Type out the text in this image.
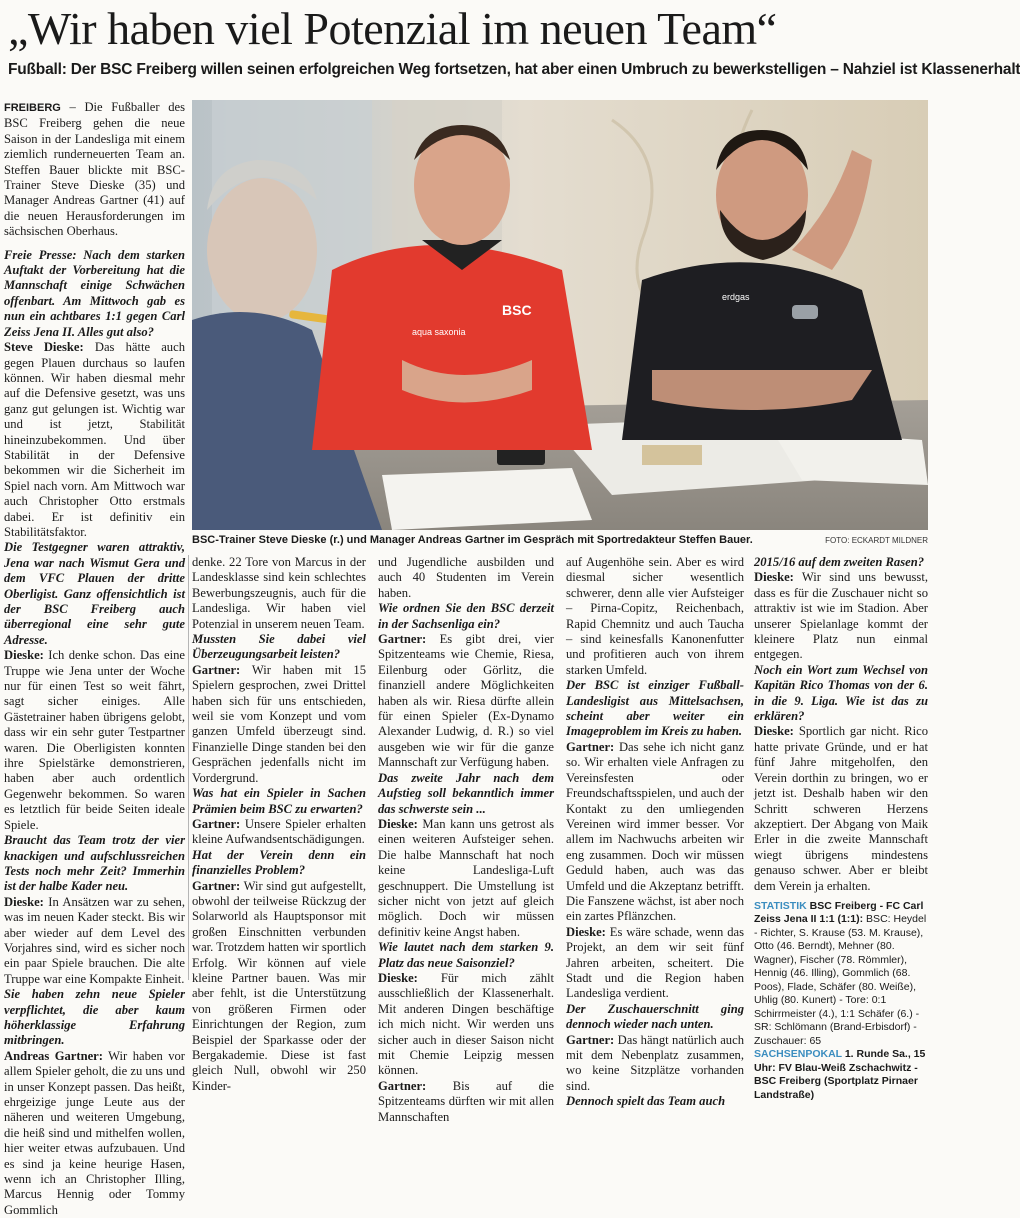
„Wir haben viel Potenzial im neuen Team“
Fußball: Der BSC Freiberg willen seinen erfolgreichen Weg fortsetzen, hat aber einen Umbruch zu bewerkstelligen – Nahziel ist Klassenerhalt

FREIBERG – Die Fußballer des BSC Freiberg gehen die neue Saison in der Landesliga mit einem ziemlich runderneuerten Team an. Steffen Bauer blickte mit BSC-Trainer Steve Dieske (35) und Manager Andreas Gartner (41) auf die neuen Herausforderungen im sächsischen Oberhaus.

Freie Presse: Nach dem starken Auftakt der Vorbereitung hat die Mannschaft einige Schwächen offenbart. Am Mittwoch gab es nun ein achtbares 1:1 gegen Carl Zeiss Jena II. Alles gut also?

Steve Dieske: Das hätte auch gegen Plauen durchaus so laufen können. Wir haben diesmal mehr auf die Defensive gesetzt, was uns ganz gut gelungen ist. Wichtig war und ist jetzt, Stabilität hineinzubekommen. Und über Stabilität in der Defensive bekommen wir die Sicherheit im Spiel nach vorn. Am Mittwoch war auch Christopher Otto erstmals dabei. Er ist definitiv ein Stabilitätsfaktor.

Die Testgegner waren attraktiv, Jena war nach Wismut Gera und dem VFC Plauen der dritte Oberligist. Ganz offensichtlich ist der BSC Freiberg auch überregional eine sehr gute Adresse.

Dieske: Ich denke schon. Das eine Truppe wie Jena unter der Woche nur für einen Test so weit fährt, sagt sicher einiges. Alle Gästetrainer haben übrigens gelobt, dass wir ein sehr guter Testpartner waren. Die Oberligisten konnten ihre Spielstärke demonstrieren, haben aber auch ordentlich Gegenwehr bekommen. So waren es letztlich für beide Seiten ideale Spiele.

Braucht das Team trotz der vier knackigen und aufschlussreichen Tests noch mehr Zeit? Immerhin ist der halbe Kader neu.

Dieske: In Ansätzen war zu sehen, was im neuen Kader steckt. Bis wir aber wieder auf dem Level des Vorjahres sind, wird es sicher noch ein paar Spiele brauchen. Die alte Truppe war eine Kompakte Einheit.

Sie haben zehn neue Spieler verpflichtet, die aber kaum höherklassige Erfahrung mitbringen.

Andreas Gartner: Wir haben vor allem Spieler geholt, die zu uns und in unser Konzept passen. Das heißt, ehrgeizige junge Leute aus der näheren und weiteren Umgebung, die heiß sind und mithelfen wollen, hier weiter etwas aufzubauen. Und es sind ja keine heurige Hasen, wenn ich an Christopher Illing, Marcus Hennig oder Tommy Gommlich

BSC
aqua saxonia
erdgas
BSC-Trainer Steve Dieske (r.) und Manager Andreas Gartner im Gespräch mit Sportredakteur Steffen Bauer.	FOTO: ECKARDT MILDNER

denke. 22 Tore von Marcus in der Landesklasse sind kein schlechtes Bewerbungszeugnis, auch für die Landesliga. Wir haben viel Potenzial in unserem neuen Team.

Mussten Sie dabei viel Überzeugungsarbeit leisten?

Gartner: Wir haben mit 15 Spielern gesprochen, zwei Drittel haben sich für uns entschieden, weil sie vom Konzept und vom ganzen Umfeld überzeugt sind. Finanzielle Dinge standen bei den Gesprächen jedenfalls nicht im Vordergrund.

Was hat ein Spieler in Sachen Prämien beim BSC zu erwarten?

Gartner: Unsere Spieler erhalten kleine Aufwandsentschädigungen.

Hat der Verein denn ein finanzielles Problem?

Gartner: Wir sind gut aufgestellt, obwohl der teilweise Rückzug der Solarworld als Hauptsponsor mit großen Einschnitten verbunden war. Trotzdem hatten wir sportlich Erfolg. Wir können auf viele kleine Partner bauen. Was mir aber fehlt, ist die Unterstützung von größeren Firmen oder Einrichtungen der Region, zum Beispiel der Sparkasse oder der Bergakademie. Diese ist fast gleich Null, obwohl wir 250 Kinder-

und Jugendliche ausbilden und auch 40 Studenten im Verein haben.

Wie ordnen Sie den BSC derzeit in der Sachsenliga ein?

Gartner: Es gibt drei, vier Spitzenteams wie Chemie, Riesa, Eilenburg oder Görlitz, die finanziell andere Möglichkeiten haben als wir. Riesa dürfte allein für einen Spieler (Ex-Dynamo Alexander Ludwig, d. R.) so viel ausgeben wie wir für die ganze Mannschaft zur Verfügung haben.

Das zweite Jahr nach dem Aufstieg soll bekanntlich immer das schwerste sein ...

Dieske: Man kann uns getrost als einen weiteren Aufsteiger sehen. Die halbe Mannschaft hat noch keine Landesliga-Luft geschnuppert. Die Umstellung ist sicher nicht von jetzt auf gleich möglich. Doch wir müssen definitiv keine Angst haben.

Wie lautet nach dem starken 9. Platz das neue Saisonziel?

Dieske: Für mich zählt ausschließlich der Klassenerhalt. Mit anderen Dingen beschäftige ich mich nicht. Wir werden uns sicher auch in dieser Saison nicht mit Chemie Leipzig messen können.

Gartner: Bis auf die Spitzenteams dürften wir mit allen Mannschaften

auf Augenhöhe sein. Aber es wird diesmal sicher wesentlich schwerer, denn alle vier Aufsteiger – Pirna-Copitz, Reichenbach, Rapid Chemnitz und auch Taucha – sind keinesfalls Kanonenfutter und profitieren auch von ihrem starken Umfeld.

Der BSC ist einziger Fußball-Landesligist aus Mittelsachsen, scheint aber weiter ein Imageproblem im Kreis zu haben.

Gartner: Das sehe ich nicht ganz so. Wir erhalten viele Anfragen zu Vereinsfesten oder Freundschaftsspielen, und auch der Kontakt zu den umliegenden Vereinen wird immer besser. Vor allem im Nachwuchs arbeiten wir eng zusammen. Doch wir müssen Geduld haben, auch was das Umfeld und die Akzeptanz betrifft. Die Fanszene wächst, ist aber noch ein zartes Pflänzchen.

Dieske: Es wäre schade, wenn das Projekt, an dem wir seit fünf Jahren arbeiten, scheitert. Die Stadt und die Region haben Landesliga verdient.

Der Zuschauerschnitt ging dennoch wieder nach unten.

Gartner: Das hängt natürlich auch mit dem Nebenplatz zusammen, wo keine Sitzplätze vorhanden sind.

Dennoch spielt das Team auch

2015/16 auf dem zweiten Rasen?

Dieske: Wir sind uns bewusst, dass es für die Zuschauer nicht so attraktiv ist wie im Stadion. Aber unserer Spielanlage kommt der kleinere Platz nun einmal entgegen.

Noch ein Wort zum Wechsel von Kapitän Rico Thomas von der 6. in die 9. Liga. Wie ist das zu erklären?

Dieske: Sportlich gar nicht. Rico hatte private Gründe, und er hat fünf Jahre mitgeholfen, den Verein dorthin zu bringen, wo er jetzt ist. Deshalb haben wir den Schritt schweren Herzens akzeptiert. Der Abgang von Maik Erler in die zweite Mannschaft wiegt übrigens mindestens genauso schwer. Aber er bleibt dem Verein ja erhalten.

STATISTIK BSC Freiberg - FC Carl Zeiss Jena II 1:1 (1:1): BSC: Heydel - Richter, S. Krause (53. M. Krause), Otto (46. Berndt), Mehner (80. Wagner), Fischer (78. Römmler), Hennig (46. Illing), Gommlich (68. Poos), Flade, Schäfer (80. Weiße), Uhlig (80. Kunert) - Tore: 0:1 Schirrmeister (4.), 1:1 Schäfer (6.) - SR: Schlömann (Brand-Erbisdorf) - Zuschauer: 65

SACHSENPOKAL 1. Runde Sa., 15 Uhr: FV Blau-Weiß Zschachwitz - BSC Freiberg (Sportplatz Pirnaer Landstraße)
